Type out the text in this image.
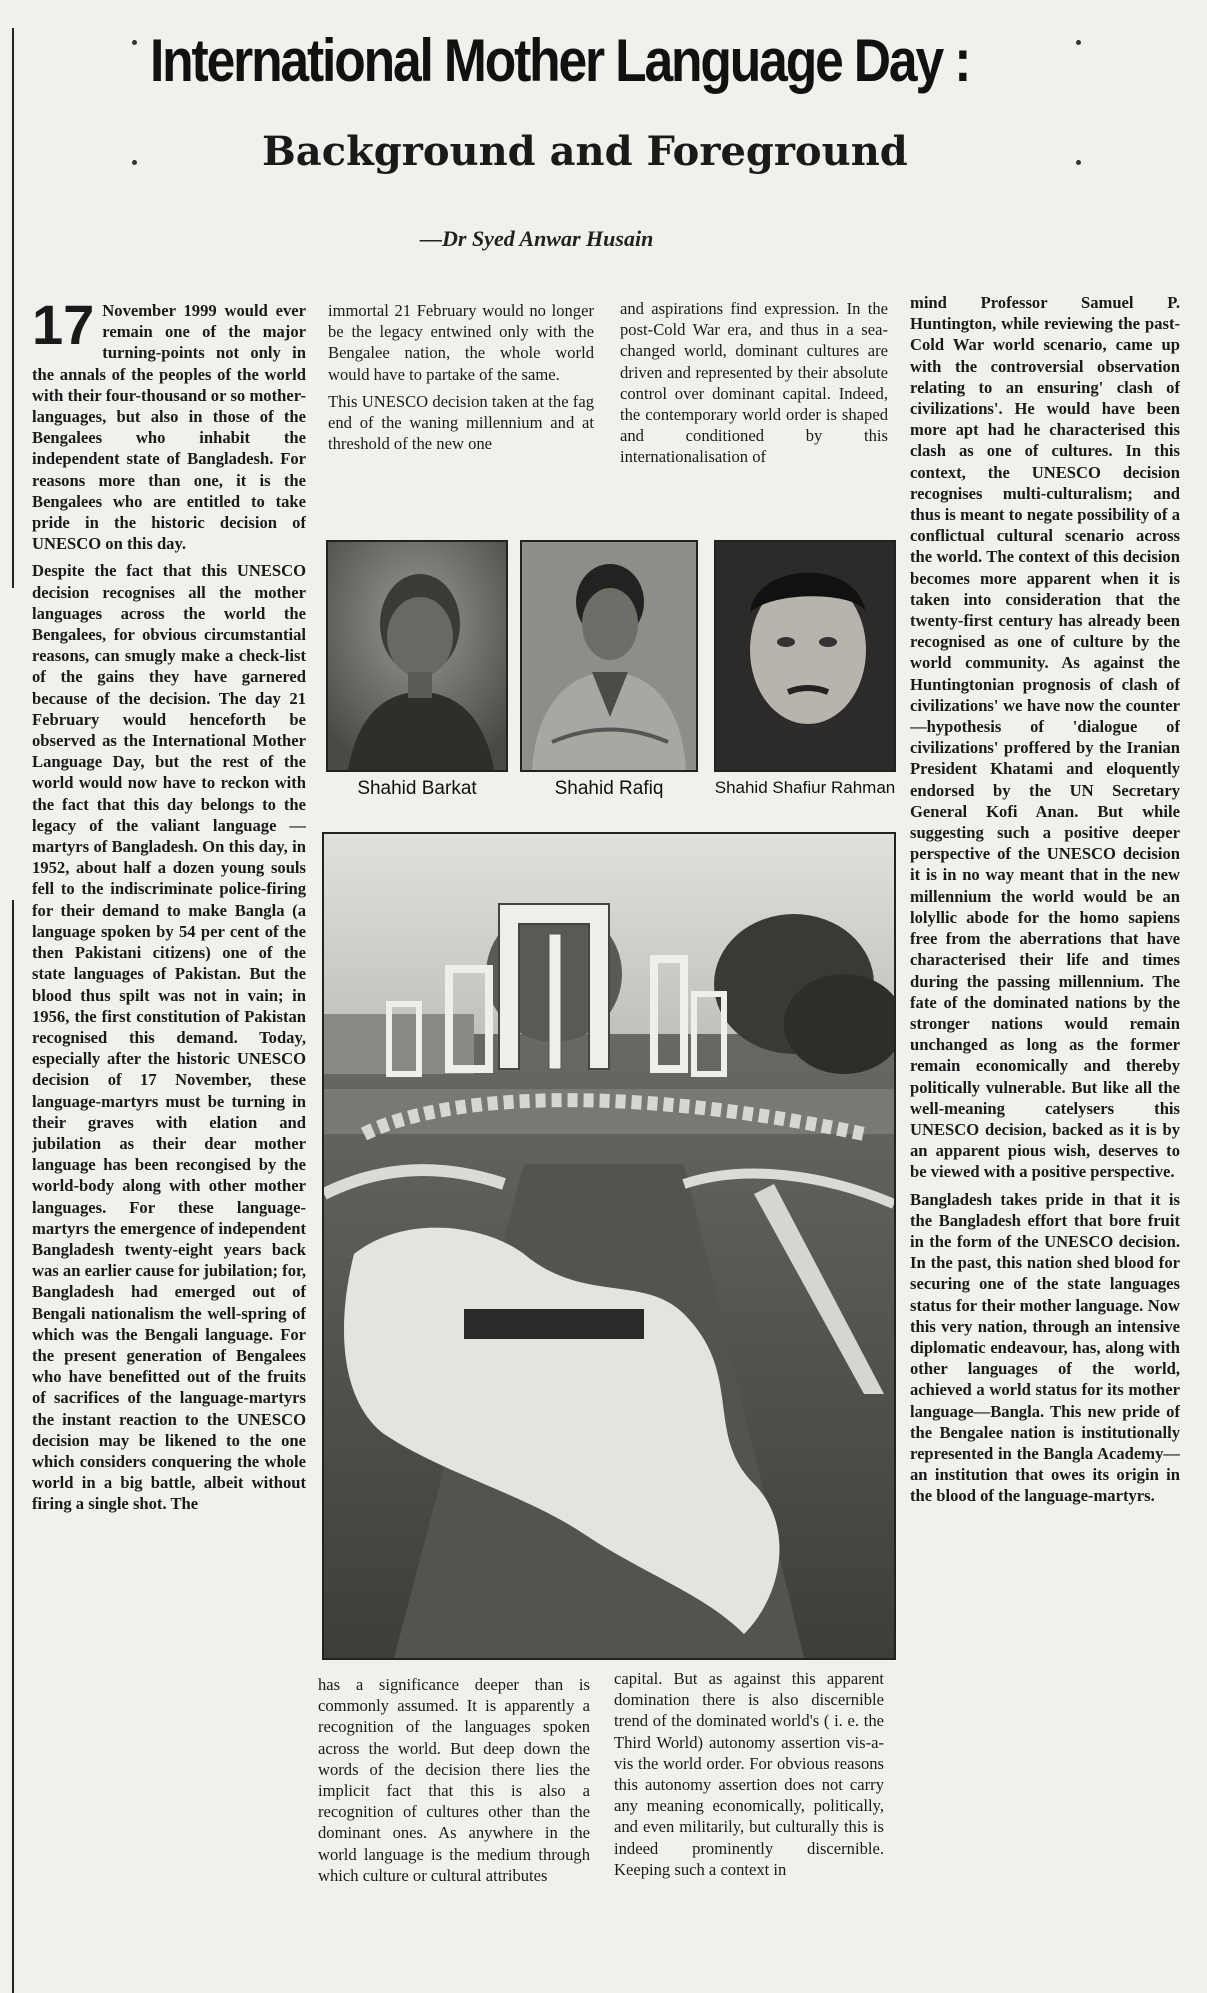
International Mother Language Day :
Background and Foreground

—Dr Syed Anwar Husain

17 November 1999 would ever remain one of the major turning-points not only in the annals of the peoples of the world with their four-thousand or so mother-languages, but also in those of the Bengalees who inhabit the independent state of Bangladesh. For reasons more than one, it is the Bengalees who are entitled to take pride in the historic decision of UNESCO on this day.

Despite the fact that this UNESCO decision recognises all the mother languages across the world the Bengalees, for obvious circumstantial reasons, can smugly make a check-list of the gains they have garnered because of the decision. The day 21 February would henceforth be observed as the International Mother Language Day, but the rest of the world would now have to reckon with the fact that this day belongs to the legacy of the valiant language — martyrs of Bangladesh. On this day, in 1952, about half a dozen young souls fell to the indiscriminate police-firing for their demand to make Bangla (a language spoken by 54 per cent of the then Pakistani citizens) one of the state languages of Pakistan. But the blood thus spilt was not in vain; in 1956, the first constitution of Pakistan recognised this demand. Today, especially after the historic UNESCO decision of 17 November, these language-martyrs must be turning in their graves with elation and jubilation as their dear mother language has been recongised by the world-body along with other mother languages. For these language-martyrs the emergence of independent Bangladesh twenty-eight years back was an earlier cause for jubilation; for, Bangladesh had emerged out of Bengali nationalism the well-spring of which was the Bengali language. For the present generation of Bengalees who have benefitted out of the fruits of sacrifices of the language-martyrs the instant reaction to the UNESCO decision may be likened to the one which considers conquering the whole world in a big battle, albeit without firing a single shot. The

immortal 21 February would no longer be the legacy entwined only with the Bengalee nation, the whole world would have to partake of the same.

This UNESCO decision taken at the fag end of the waning millennium and at threshold of the new one

and aspirations find expression. In the post-Cold War era, and thus in a sea-changed world, dominant cultures are driven and represented by their absolute control over dominant capital. Indeed, the contemporary world order is shaped and conditioned by this internationalisation of

mind Professor Samuel P. Huntington, while reviewing the past-Cold War world scenario, came up with the controversial observation relating to an ensuring' clash of civilizations'. He would have been more apt had he characterised this clash as one of cultures. In this context, the UNESCO decision recognises multi-culturalism; and thus is meant to negate possibility of a conflictual cultural scenario across the world. The context of this decision becomes more apparent when it is taken into consideration that the twenty-first century has already been recognised as one of culture by the world community. As against the Huntingtonian prognosis of clash of civilizations' we have now the counter—hypothesis of 'dialogue of civilizations' proffered by the Iranian President Khatami and eloquently endorsed by the UN Secretary General Kofi Anan. But while suggesting such a positive deeper perspective of the UNESCO decision it is in no way meant that in the new millennium the world would be an lolyllic abode for the homo sapiens free from the aberrations that have characterised their life and times during the passing millennium. The fate of the dominated nations by the stronger nations would remain unchanged as long as the former remain economically and thereby politically vulnerable. But like all the well-meaning catelysers this UNESCO decision, backed as it is by an apparent pious wish, deserves to be viewed with a positive perspective.

Bangladesh takes pride in that it is the Bangladesh effort that bore fruit in the form of the UNESCO decision. In the past, this nation shed blood for securing one of the state languages status for their mother language. Now this very nation, through an intensive diplomatic endeavour, has, along with other languages of the world, achieved a world status for its mother language—Bangla. This new pride of the Bengalee nation is institutionally represented in the Bangla Academy—an institution that owes its origin in the blood of the language-martyrs.

Shahid Barkat	Shahid Rafiq	Shahid Shafiur Rahman

has a significance deeper than is commonly assumed. It is apparently a recognition of the languages spoken across the world. But deep down the words of the decision there lies the implicit fact that this is also a recognition of cultures other than the dominant ones. As anywhere in the world language is the medium through which culture or cultural attributes

capital. But as against this apparent domination there is also discernible trend of the dominated world's ( i. e. the Third World) autonomy assertion vis-a-vis the world order. For obvious reasons this autonomy assertion does not carry any meaning economically, politically, and even militarily, but culturally this is indeed prominently discernible. Keeping such a context in
